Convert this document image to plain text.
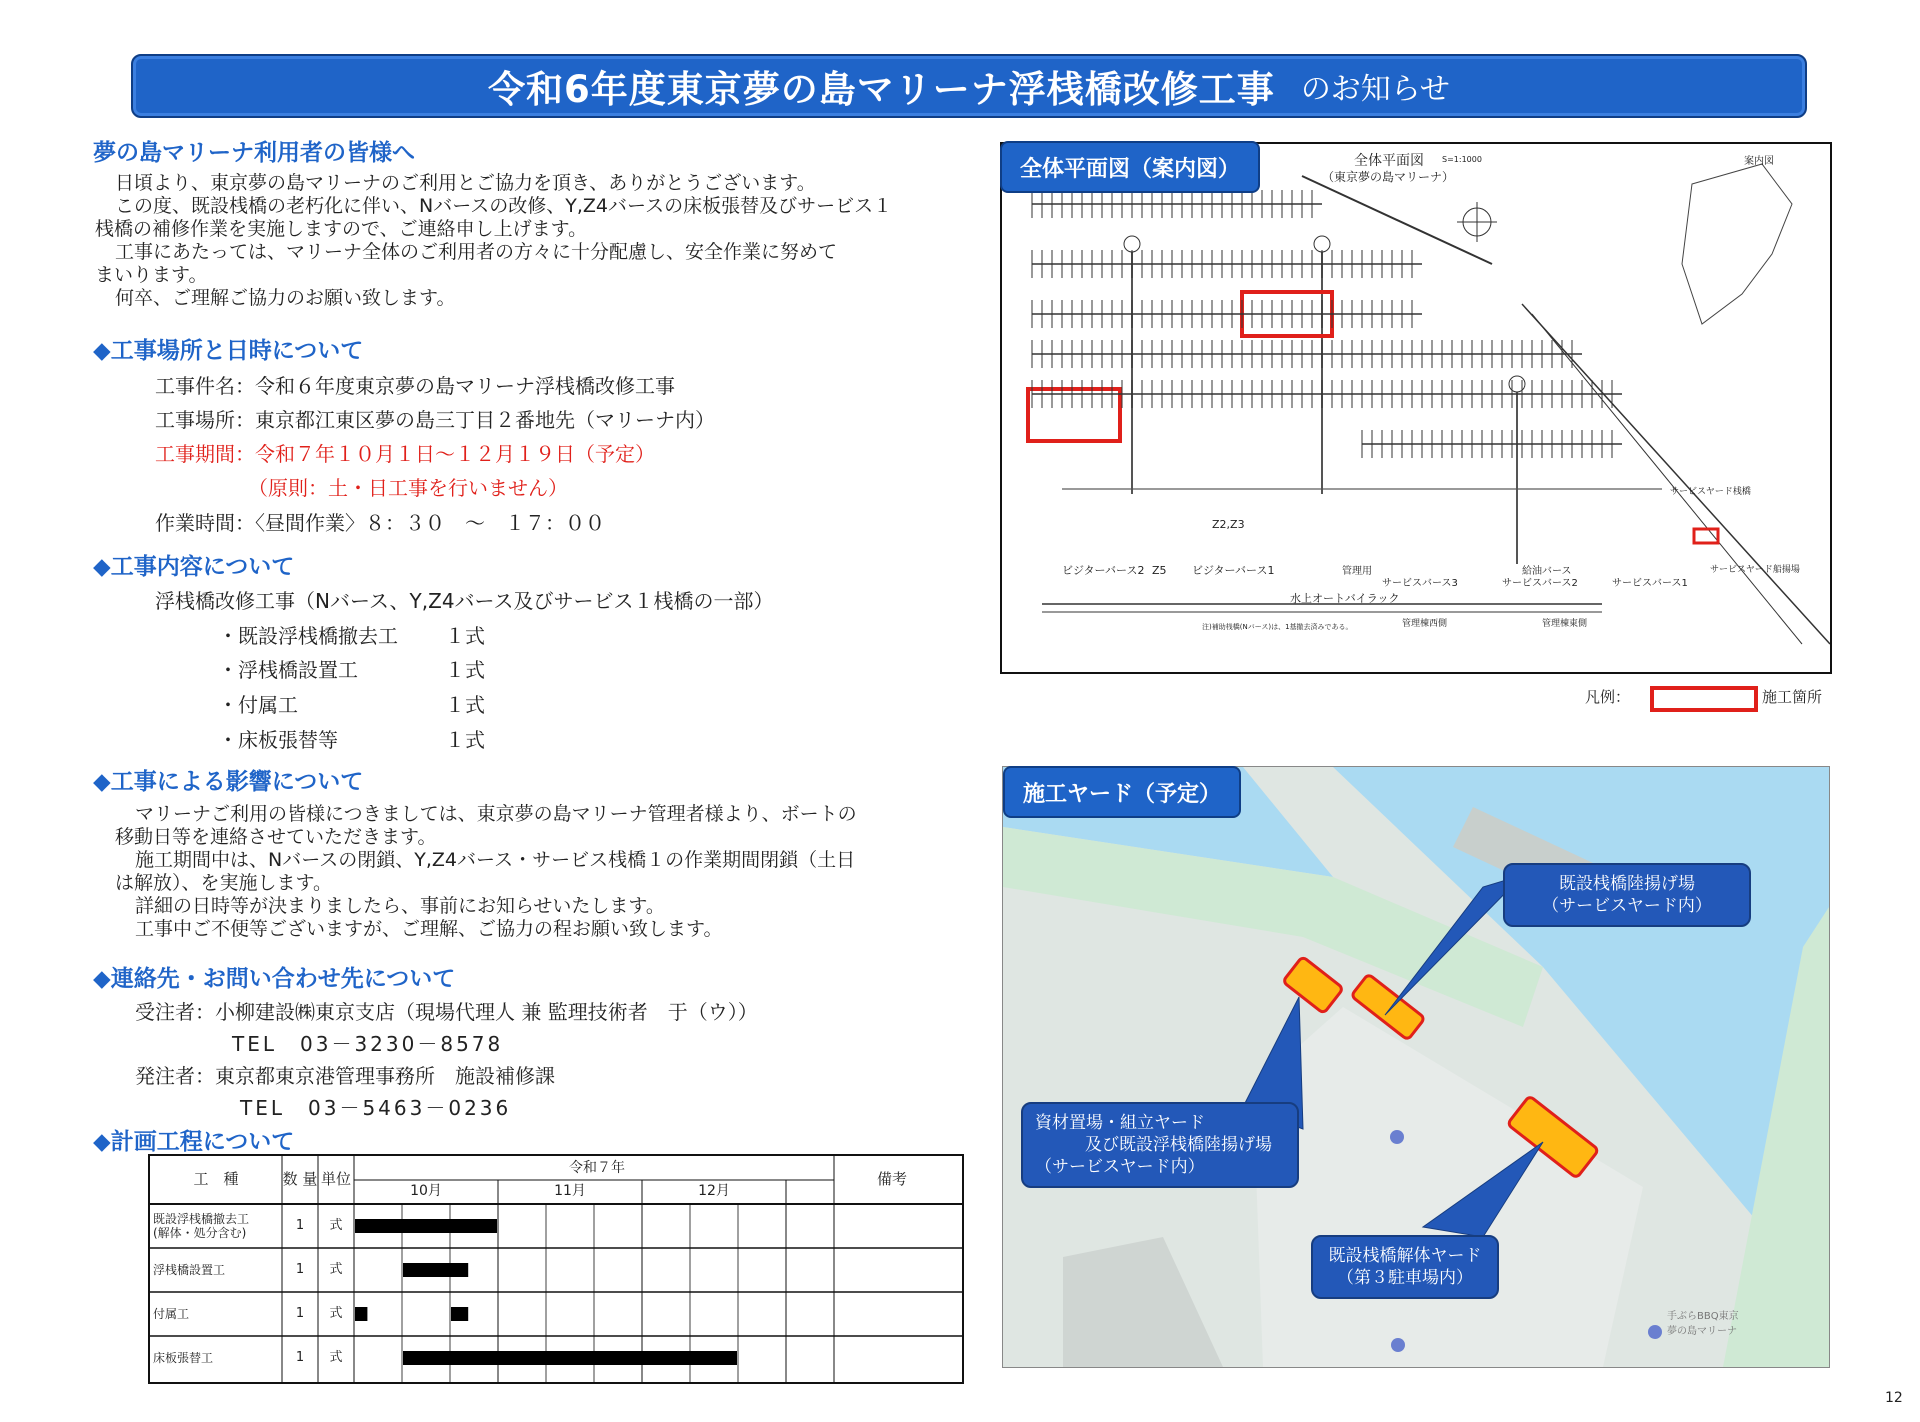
令和6年度東京夢の島マリーナ浮桟橋改修工事 のお知らせ
夢の島マリーナ利用者の皆様へ
日頃より、東京夢の島マリーナのご利用とご協力を頂き、ありがとうございます。
この度、既設桟橋の老朽化に伴い、Nバースの改修、Y,Z4バースの床板張替及びサービス１
桟橋の補修作業を実施しますので、ご連絡申し上げます。
工事にあたっては、マリーナ全体のご利用者の方々に十分配慮し、安全作業に努めて
まいります。
何卒、ご理解ご協力のお願い致します。
◆工事場所と日時について
工事件名：令和６年度東京夢の島マリーナ浮桟橋改修工事
工事場所：東京都江東区夢の島三丁目２番地先（マリーナ内）
工事期間：令和７年１０月１日～１２月１９日（予定）
（原則：土・日工事を行いません）
作業時間：〈昼間作業〉８：３０　～　１７：００
◆工事内容について
浮桟橋改修工事（Nバース、Y,Z4バース及びサービス１桟橋の一部）
・既設浮桟橋撤去工 １式
・浮桟橋設置工	１式
・付属工	１式
・床板張替等	１式
◆工事による影響について
マリーナご利用の皆様につきましては、東京夢の島マリーナ管理者様より、ボートの
移動日等を連絡させていただきます。
施工期間中は、Nバースの閉鎖、Y,Z4バース・サービス桟橋１の作業期間閉鎖（土日
は解放）、を実施します。
詳細の日時等が決まりましたら、事前にお知らせいたします。
工事中ご不便等ございますが、ご理解、ご協力の程お願い致します。
◆連絡先・お問い合わせ先について
受注者：小柳建設㈱東京支店（現場代理人 兼 監理技術者　于（ウ））
TEL　03－3230－8578
発注者：東京都東京港管理事務所　施設補修課
TEL　03－5463－0236
◆計画工程について
工　種	数 量 単位
令和７年
10月	11月	12月
備考
既設浮桟橋撤去工
(解体・処分含む)	1	式
浮桟橋設置工	1	式
付属工	1	式
床板張替工	1	式
全体平面図（案内図）	全体平面図 S=1:1000
（東京夢の島マリーナ）
案内図
ビジターバース2 Z5 ビジターバース1
Z2,Z3
管理用
サービスバース3
給油バース
サービスバース2	サービスバース1
水上オートバイラック
管理棟西側	管理棟東側
サービスヤード桟橋
サービスヤード船揚場
注)補助桟橋(Nバース)は、1基撤去済みである。
凡例：	施工箇所
施工ヤード（予定）
既設桟橋陸揚げ場
（サービスヤード内）
資材置場・組立ヤード
及び既設浮桟橋陸揚げ場
（サービスヤード内）
既設桟橋解体ヤード
（第３駐車場内）
手ぶらBBQ東京
夢の島マリーナ
12
